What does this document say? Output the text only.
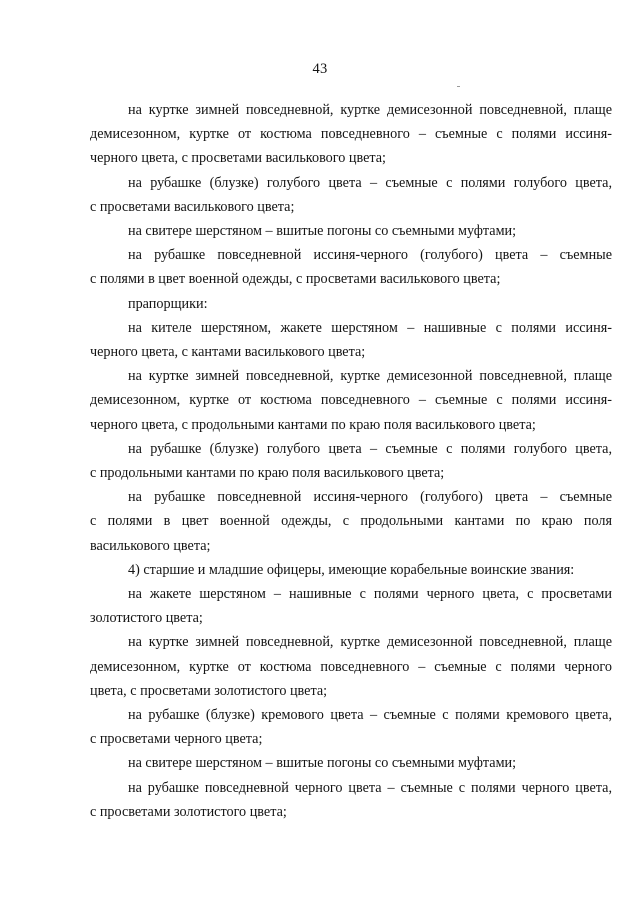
43

на куртке зимней повседневной, куртке демисезонной повседневной, плаще
демисезонном, куртке от костюма повседневного – съемные с полями иссиня-
черного цвета, с просветами василькового цвета;

на рубашке (блузке) голубого цвета – съемные с полями голубого цвета,
с просветами василькового цвета;

на свитере шерстяном – вшитые погоны со съемными муфтами;

на рубашке повседневной иссиня-черного (голубого) цвета – съемные
с полями в цвет военной одежды, с просветами василькового цвета;

прапорщики:

на кителе шерстяном, жакете шерстяном – нашивные с полями иссиня-
черного цвета, с кантами василькового цвета;

на куртке зимней повседневной, куртке демисезонной повседневной, плаще
демисезонном, куртке от костюма повседневного – съемные с полями иссиня-
черного цвета, с продольными кантами по краю поля василькового цвета;

на рубашке (блузке) голубого цвета – съемные с полями голубого цвета,
с продольными кантами по краю поля василькового цвета;

на рубашке повседневной иссиня-черного (голубого) цвета – съемные
с полями в цвет военной одежды, с продольными кантами по краю поля
василькового цвета;

4) старшие и младшие офицеры, имеющие корабельные воинские звания:

на жакете шерстяном – нашивные с полями черного цвета, с просветами
золотистого цвета;

на куртке зимней повседневной, куртке демисезонной повседневной, плаще
демисезонном, куртке от костюма повседневного – съемные с полями черного
цвета, с просветами золотистого цвета;

на рубашке (блузке) кремового цвета – съемные с полями кремового цвета,
с просветами черного цвета;

на свитере шерстяном – вшитые погоны со съемными муфтами;

на рубашке повседневной черного цвета – съемные с полями черного цвета,
с просветами золотистого цвета;
